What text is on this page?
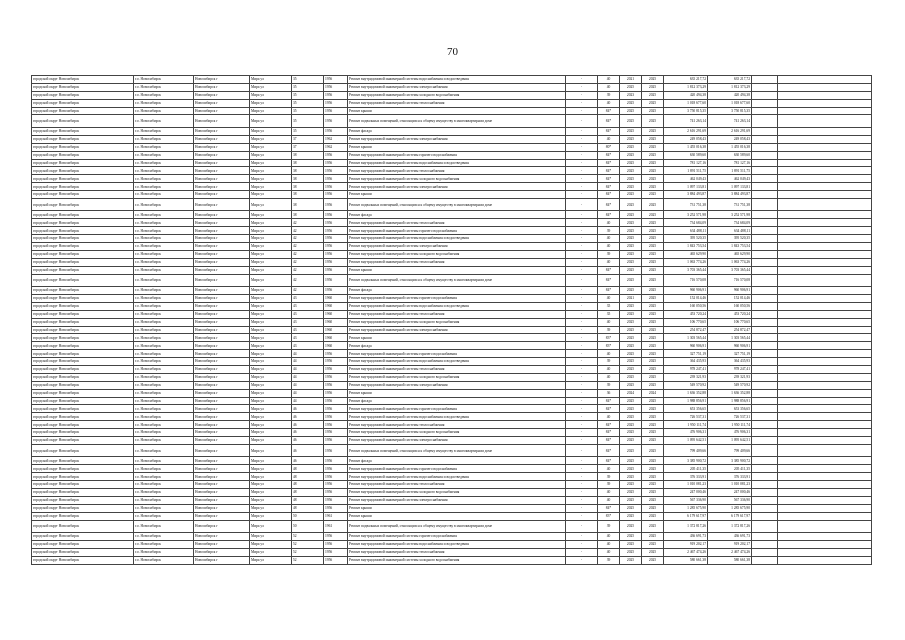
70
городской округ Новосибирск	г.о. Новосибирск	Новосибирск г	Мира ул	35	1956	Ремонт внутридомовой инженерной системы водоснабжения и водоотведения	-	40	2021	2025	635 217,72	635 217,72		
городской округ Новосибирск	г.о. Новосибирск	Новосибирск г	Мира ул	35	1956	Ремонт внутридомовой инженерной системы электроснабжения	-	40	2025	2025	1 812 373,29	1 812 373,29		
городской округ Новосибирск	г.о. Новосибирск	Новосибирск г	Мира ул	35	1956	Ремонт внутридомовой инженерной системы холодного водоснабжения	-	39	2023	2025	420 494,38	420 494,38		
городской округ Новосибирск	г.о. Новосибирск	Новосибирск г	Мира ул	35	1956	Ремонт внутридомовой инженерной системы теплоснабжения	-	40	2025	2025	1 018 677,60	1 018 677,60		
городской округ Новосибирск	г.о. Новосибирск	Новосибирск г	Мира ул	35	1956	Ремонт крыши	-	84*	2025	2025	3 750 815,35	3 750 815,35		
городской округ Новосибирск	г.о. Новосибирск	Новосибирск г	Мира ул	35	1956	Ремонт подвальных помещений, относящихся к общему имуществу в многоквартирном доме	-	84*	2025	2025	741 263,14	741 263,14		
городской округ Новосибирск	г.о. Новосибирск	Новосибирск г	Мира ул	35	1956	Ремонт фасада	-	84*	2025	2025	2 616 291,69	2 616 291,69		
городской округ Новосибирск	г.о. Новосибирск	Новосибирск г	Мира ул	37	1962	Ремонт внутридомовой инженерной системы электроснабжения	-	40	2025	2025	249 058,43	249 058,43		
городской округ Новосибирск	г.о. Новосибирск	Новосибирск г	Мира ул	37	1962	Ремонт крыши	-	80*	2025	2025	1 455 016,38	1 455 016,38		
городской округ Новосибирск	г.о. Новосибирск	Новосибирск г	Мира ул	38	1956	Ремонт внутридомовой инженерной системы горячего водоснабжения	-	84*	2025	2025	630 589,60	630 589,60		
городской округ Новосибирск	г.о. Новосибирск	Новосибирск г	Мира ул	38	1956	Ремонт внутридомовой инженерной системы водоснабжения и водоотведения	-	84*	2025	2025	781 127,16	781 127,16		
городской округ Новосибирск	г.о. Новосибирск	Новосибирск г	Мира ул	38	1956	Ремонт внутридомовой инженерной системы теплоснабжения	-	84*	2025	2025	1 891 511,75	1 891 511,75		
городской округ Новосибирск	г.о. Новосибирск	Новосибирск г	Мира ул	38	1956	Ремонт внутридомовой инженерной системы холодного водоснабжения	-	84*	2025	2025	462 049,43	462 049,43		
городской округ Новосибирск	г.о. Новосибирск	Новосибирск г	Мира ул	38	1956	Ремонт внутридомовой инженерной системы электроснабжения	-	84*	2025	2025	1 097 133,81	1 097 133,81		
городской округ Новосибирск	г.о. Новосибирск	Новосибирск г	Мира ул	38	1956	Ремонт крыши	-	84*	2025	2025	3 884 493,87	3 884 493,87		
городской округ Новосибирск	г.о. Новосибирск	Новосибирск г	Мира ул	38	1956	Ремонт подвальных помещений, относящихся к общему имуществу в многоквартирном доме	-	84*	2025	2025	731 751,38	731 751,38		
городской округ Новосибирск	г.о. Новосибирск	Новосибирск г	Мира ул	38	1956	Ремонт фасада	-	84*	2025	2025	3 252 571,98	3 252 571,98		
городской округ Новосибирск	г.о. Новосибирск	Новосибирск г	Мира ул	42	1956	Ремонт внутридомовой инженерной системы теплоснабжения	-	40	2025	2025	734 684,09	734 684,09		
городской округ Новосибирск	г.о. Новосибирск	Новосибирск г	Мира ул	42	1956	Ремонт внутридомовой инженерной системы горячего водоснабжения	-	39	2025	2025	634 488,11	634 488,11		
городской округ Новосибирск	г.о. Новосибирск	Новосибирск г	Мира ул	42	1956	Ремонт внутридомовой инженерной системы водоснабжения и водоотведения	-	40	2025	2025	395 520,35	395 520,35		
городской округ Новосибирск	г.о. Новосибирск	Новосибирск г	Мира ул	42	1956	Ремонт внутридомовой инженерной системы электроснабжения	-	40	2025	2025	1 843 753,54	1 843 753,54		
городской округ Новосибирск	г.о. Новосибирск	Новосибирск г	Мира ул	42	1956	Ремонт внутридомовой инженерной системы холодного водоснабжения	-	39	2025	2025	465 629,90	465 629,90		
городской округ Новосибирск	г.о. Новосибирск	Новосибирск г	Мира ул	42	1956	Ремонт внутридомовой инженерной системы теплоснабжения	-	40	2025	2025	1 063 774,26	1 063 774,26		
городской округ Новосибирск	г.о. Новосибирск	Новосибирск г	Мира ул	42	1956	Ремонт крыши	-	84*	2025	2025	3 703 365,44	3 703 365,44		
городской округ Новосибирск	г.о. Новосибирск	Новосибирск г	Мира ул	42	1956	Ремонт подвальных помещений, относящихся к общему имуществу в многоквартирном доме	-	84*	2025	2025	716 570,08	716 570,08		
городской округ Новосибирск	г.о. Новосибирск	Новосибирск г	Мира ул	42	1956	Ремонт фасада	-	84*	2025	2025	960 906,91	960 906,91		
городской округ Новосибирск	г.о. Новосибирск	Новосибирск г	Мира ул	43	1960	Ремонт внутридомовой инженерной системы горячего водоснабжения	-	40	2021	2025	152 014,46	152 014,46		
городской округ Новосибирск	г.о. Новосибирск	Новосибирск г	Мира ул	43	1960	Ремонт внутридомовой инженерной системы водоснабжения и водоотведения	-	35	2025	2025	160 050,56	160 050,56		
городской округ Новосибирск	г.о. Новосибирск	Новосибирск г	Мира ул	43	1960	Ремонт внутридомовой инженерной системы теплоснабжения	-	35	2025	2025	453 720,24	453 720,24		
городской округ Новосибирск	г.о. Новосибирск	Новосибирск г	Мира ул	43	1960	Ремонт внутридомовой инженерной системы холодного водоснабжения	-	40	2025	2025	106 770,65	106 770,65		
городской округ Новосибирск	г.о. Новосибирск	Новосибирск г	Мира ул	43	1960	Ремонт внутридомовой инженерной системы электроснабжения	-	39	2025	2025	254 872,47	254 872,47		
городской округ Новосибирск	г.о. Новосибирск	Новосибирск г	Мира ул	43	1960	Ремонт крыши	-	83*	2025	2025	1 303 565,44	1 303 565,44		
городской округ Новосибирск	г.о. Новосибирск	Новосибирск г	Мира ул	43	1960	Ремонт фасада	-	83*	2025	2025	960 906,91	960 906,91		
городской округ Новосибирск	г.о. Новосибирск	Новосибирск г	Мира ул	44	1956	Ремонт внутридомовой инженерной системы горячего водоснабжения	-	40	2025	2025	327 751,19	327 751,19		
городской округ Новосибирск	г.о. Новосибирск	Новосибирск г	Мира ул	44	1956	Ремонт внутридомовой инженерной системы водоснабжения и водоотведения	-	39	2025	2025	364 435,93	364 435,93		
городской округ Новосибирск	г.о. Новосибирск	Новосибирск г	Мира ул	44	1956	Ремонт внутридомовой инженерной системы теплоснабжения	-	40	2025	2025	978 247,41	978 247,41		
городской округ Новосибирск	г.о. Новосибирск	Новосибирск г	Мира ул	44	1956	Ремонт внутридомовой инженерной системы холодного водоснабжения	-	40	2025	2025	239 321,93	239 321,93		
городской округ Новосибирск	г.о. Новосибирск	Новосибирск г	Мира ул	44	1956	Ремонт внутридомовой инженерной системы электроснабжения	-	39	2025	2025	549 570,92	549 570,92		
городской округ Новосибирск	г.о. Новосибирск	Новосибирск г	Мира ул	44	1956	Ремонт крыши	-	36	2024	2024	1 636 352,88	1 636 352,88		
городской округ Новосибирск	г.о. Новосибирск	Новосибирск г	Мира ул	44	1956	Ремонт фасада	-	84*	2025	2025	1 988 856,91	1 988 856,91		
городской округ Новосибирск	г.о. Новосибирск	Новосибирск г	Мира ул	46	1956	Ремонт внутридомовой инженерной системы горячего водоснабжения	-	84*	2025	2025	653 356,65	653 356,65		
городской округ Новосибирск	г.о. Новосибирск	Новосибирск г	Мира ул	46	1956	Ремонт внутридомовой инженерной системы водоснабжения и водоотведения	-	40	2025	2025	726 537,31	726 537,31		
городской округ Новосибирск	г.о. Новосибирск	Новосибирск г	Мира ул	46	1956	Ремонт внутридомовой инженерной системы теплоснабжения	-	84*	2025	2025	1 950 111,74	1 950 111,74		
городской округ Новосибирск	г.о. Новосибирск	Новосибирск г	Мира ул	46	1956	Ремонт внутридомовой инженерной системы холодного водоснабжения	-	84*	2025	2025	476 906,31	476 906,31		
городской округ Новосибирск	г.о. Новосибирск	Новосибирск г	Мира ул	46	1956	Ремонт внутридомовой инженерной системы электроснабжения	-	84*	2025	2025	1 095 642,51	1 095 642,51		
городской округ Новосибирск	г.о. Новосибирск	Новосибирск г	Мира ул	46	1956	Ремонт подвальных помещений, относящихся к общему имуществу в многоквартирном доме	-	84*	2025	2025	799 409,66	799 409,66		
городской округ Новосибирск	г.о. Новосибирск	Новосибирск г	Мира ул	46	1956	Ремонт фасада	-	84*	2025	2025	3 385 900,72	3 385 900,72		
городской округ Новосибирск	г.о. Новосибирск	Новосибирск г	Мира ул	48	1956	Ремонт внутридомовой инженерной системы горячего водоснабжения	-	40	2025	2025	205 411,35	205 411,35		
городской округ Новосибирск	г.о. Новосибирск	Новосибирск г	Мира ул	48	1956	Ремонт внутридомовой инженерной системы водоснабжения и водоотведения	-	39	2025	2025	376 333,91	376 333,91		
городской округ Новосибирск	г.о. Новосибирск	Новосибирск г	Мира ул	48	1956	Ремонт внутридомовой инженерной системы теплоснабжения	-	39	2025	2025	1 010 081,23	1 010 081,23		
городской округ Новосибирск	г.о. Новосибирск	Новосибирск г	Мира ул	48	1956	Ремонт внутридомовой инженерной системы холодного водоснабжения	-	40	2025	2025	247 000,46	247 000,46		
городской округ Новосибирск	г.о. Новосибирск	Новосибирск г	Мира ул	48	1956	Ремонт внутридомовой инженерной системы электроснабжения	-	40	2025	2025	567 336,90	567 336,90		
городской округ Новосибирск	г.о. Новосибирск	Новосибирск г	Мира ул	48	1956	Ремонт крыши	-	84*	2025	2025	1 285 675,90	1 285 675,90		
городской округ Новосибирск	г.о. Новосибирск	Новосибирск г	Мира ул	50	1961	Ремонт крыши	-	83*	2025	2025	6 179 617,97	6 179 617,97		
городской округ Новосибирск	г.о. Новосибирск	Новосибирск г	Мира ул	50	1961	Ремонт подвальных помещений, относящихся к общему имуществу в многоквартирном доме	-	39	2025	2025	1 372 817,26	1 372 817,26		
городской округ Новосибирск	г.о. Новосибирск	Новосибирск г	Мира ул	52	1956	Ремонт внутридомовой инженерной системы горячего водоснабжения	-	40	2025	2025	436 691,73	436 691,73		
городской округ Новосибирск	г.о. Новосибирск	Новосибирск г	Мира ул	52	1956	Ремонт внутридомовой инженерной системы водоснабжения и водоотведения	-	40	2025	2025	919 202,17	919 202,17		
городской округ Новосибирск	г.о. Новосибирск	Новосибирск г	Мира ул	52	1956	Ремонт внутридомовой инженерной системы теплоснабжения	-	40	2025	2025	2 467 474,26	2 467 474,26		
городской округ Новосибирск	г.о. Новосибирск	Новосибирск г	Мира ул	52	1956	Ремонт внутридомовой инженерной системы холодного водоснабжения	-	39	2025	2025	580 661,38	580 661,38		
